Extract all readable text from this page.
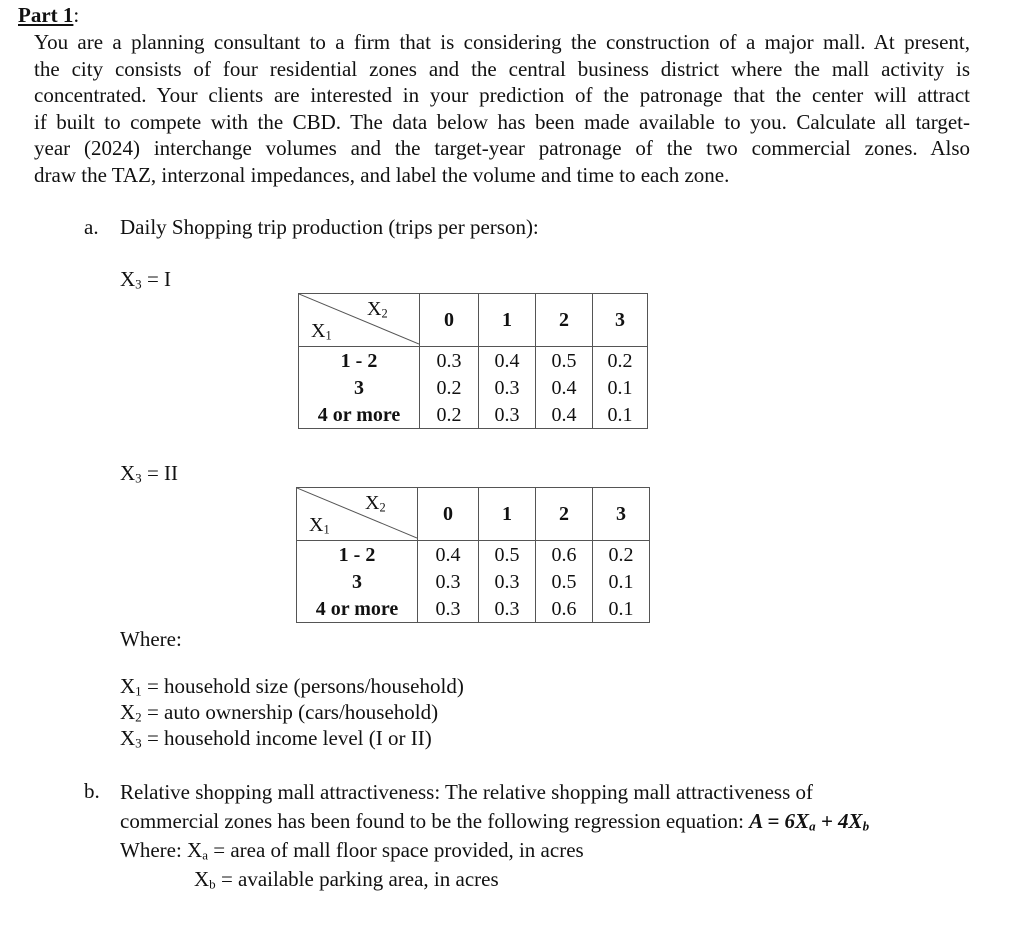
Part 1:
You are a planning consultant to a firm that is considering the construction of a major mall. At present,
the city consists of four residential zones and the central business district where the mall activity is
concentrated. Your clients are interested in your prediction of the patronage that the center will attract
if built to compete with the CBD. The data below has been made available to you. Calculate all target-
year (2024) interchange volumes and the target-year patronage of the two commercial zones. Also
draw the TAZ, interzonal impedances, and label the volume and time to each zone.
a. Daily Shopping trip production (trips per person):
$X_3 = I$
$X_2$
$X_1$	0	1	2	3
1 - 2	0.3	0.4	0.5	0.2
3	0.2	0.3	0.4	0.1
4 or more	0.2	0.3	0.4	0.1
$X_3$ = II
$X_2$
$X_1$	0	1	2	3
1 - 2	0.4	0.5	0.6	0.2
3	0.3	0.3	0.5	0.1
4 or more	0.3	0.3	0.6	0.1
Where:
$X_1$ = household size (persons/household)
$X_2$ = auto ownership (cars/household)
$X_3$ = household income level (I or II)
b. Relative shopping mall attractiveness: The relative shopping mall attractiveness of
commercial zones has been found to be the following regression equation: $A = 6X_a + 4X_b$
Where: $X_a$ = area of mall floor space provided, in acres
$X_b$ = available parking area, in acres
